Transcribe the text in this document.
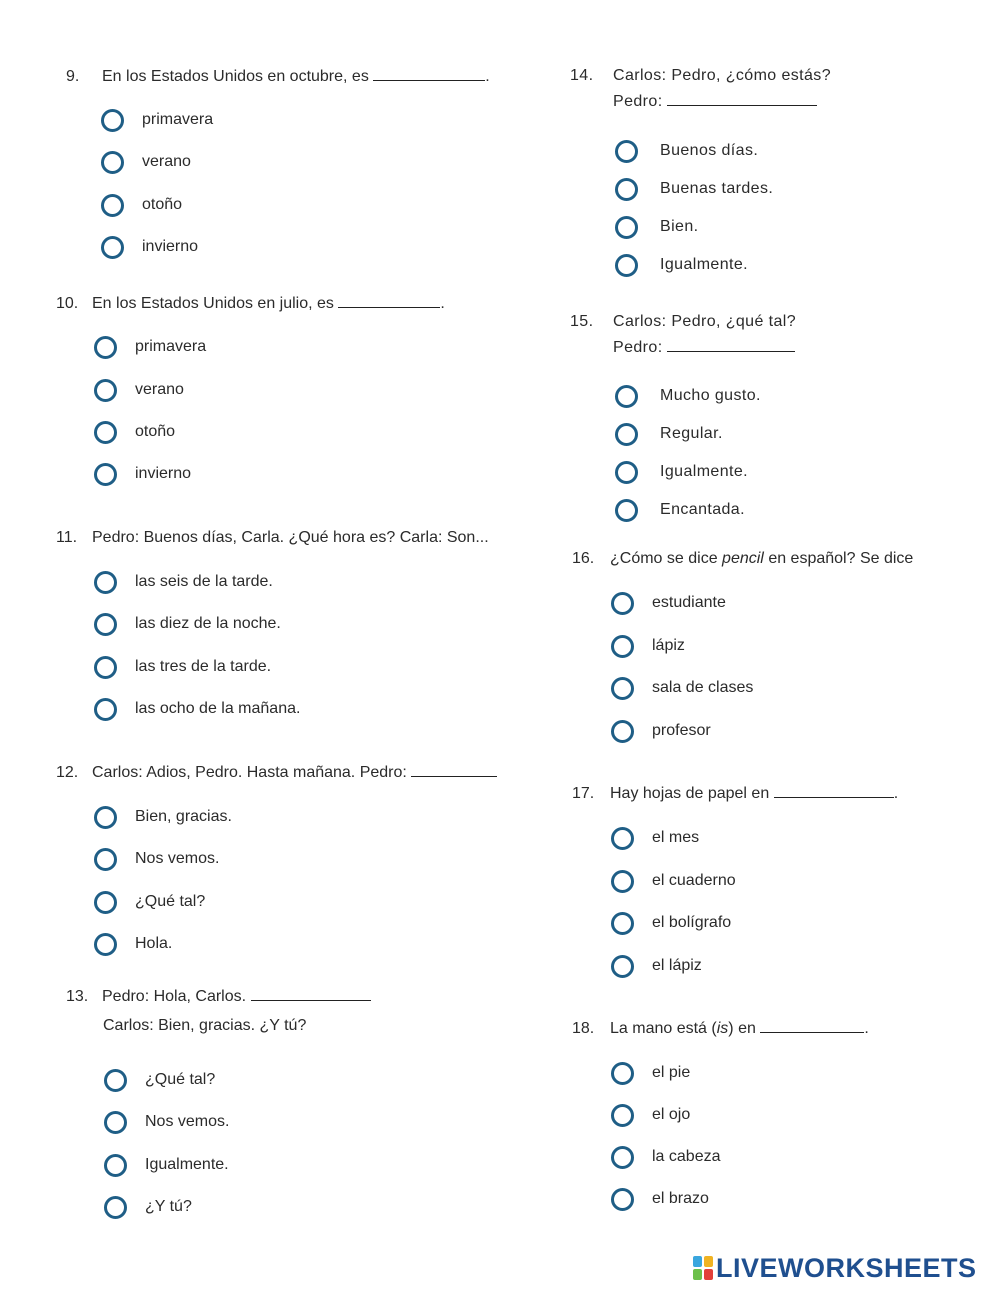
9. En los Estados Unidos en octubre, es	.
primavera
verano
otoño
invierno
10. En los Estados Unidos en julio, es	.
primavera
verano
otoño
invierno
11. Pedro: Buenos días, Carla. ¿Qué hora es? Carla: Son...
las seis de la tarde.
las diez de la noche.
las tres de la tarde.
las ocho de la mañana.
12. Carlos: Adios, Pedro. Hasta mañana. Pedro:
Bien, gracias.
Nos vemos.
¿Qué tal?
Hola.
13. Pedro: Hola, Carlos.
Carlos: Bien, gracias. ¿Y tú?
¿Qué tal?
Nos vemos.
Igualmente.
¿Y tú?
14. Carlos: Pedro, ¿cómo estás?
Pedro:
Buenos días.
Buenas tardes.
Bien.
Igualmente.
15. Carlos: Pedro, ¿qué tal?
Pedro:
Mucho gusto.
Regular.
Igualmente.
Encantada.
16. ¿Cómo se dice pencil en español? Se dice
estudiante
lápiz
sala de clases
profesor
17. Hay hojas de papel en	.
el mes
el cuaderno
el bolígrafo
el lápiz
18. La mano está (is) en	.
el pie
el ojo
la cabeza
el brazo
LIVEWORKSHEETS
